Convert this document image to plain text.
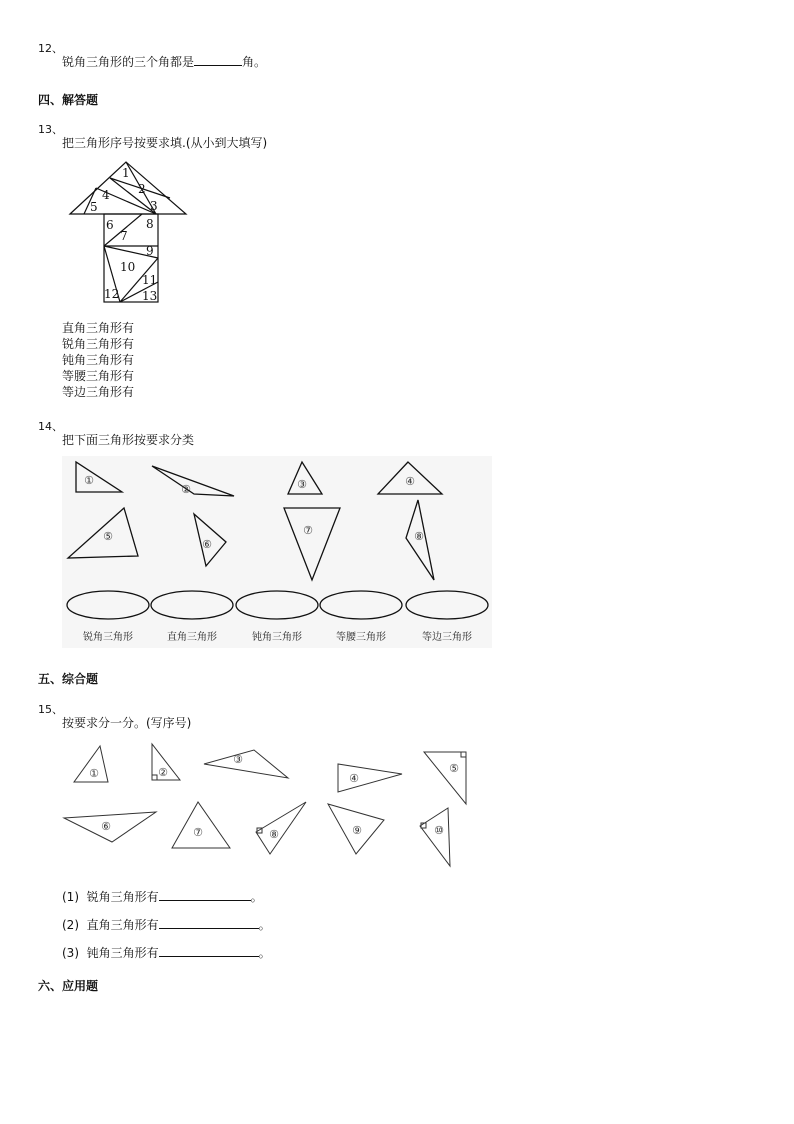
12、
锐角三角形的三个角都是	角。
四、解答题
13、
把三角形序号按要求填.(从小到大填写)
1
2
3
4
5
6
7
8
9
10
11
12 13
直角三角形有
锐角三角形有
钝角三角形有
等腰三角形有
等边三角形有
14、
把下面三角形按要求分类
①
②	③	④
⑤
⑥
⑦	⑧
锐角三角形	直角三角形	钝角三角形	等腰三角形	等边三角形
五、综合题
15、
按要求分一分。(写序号)
①	②
③
④
⑤
⑥	⑦	⑧	⑨	⑩
(1) 锐角三角形有	。
(2) 直角三角形有	。
(3) 钝角三角形有	。
六、应用题
